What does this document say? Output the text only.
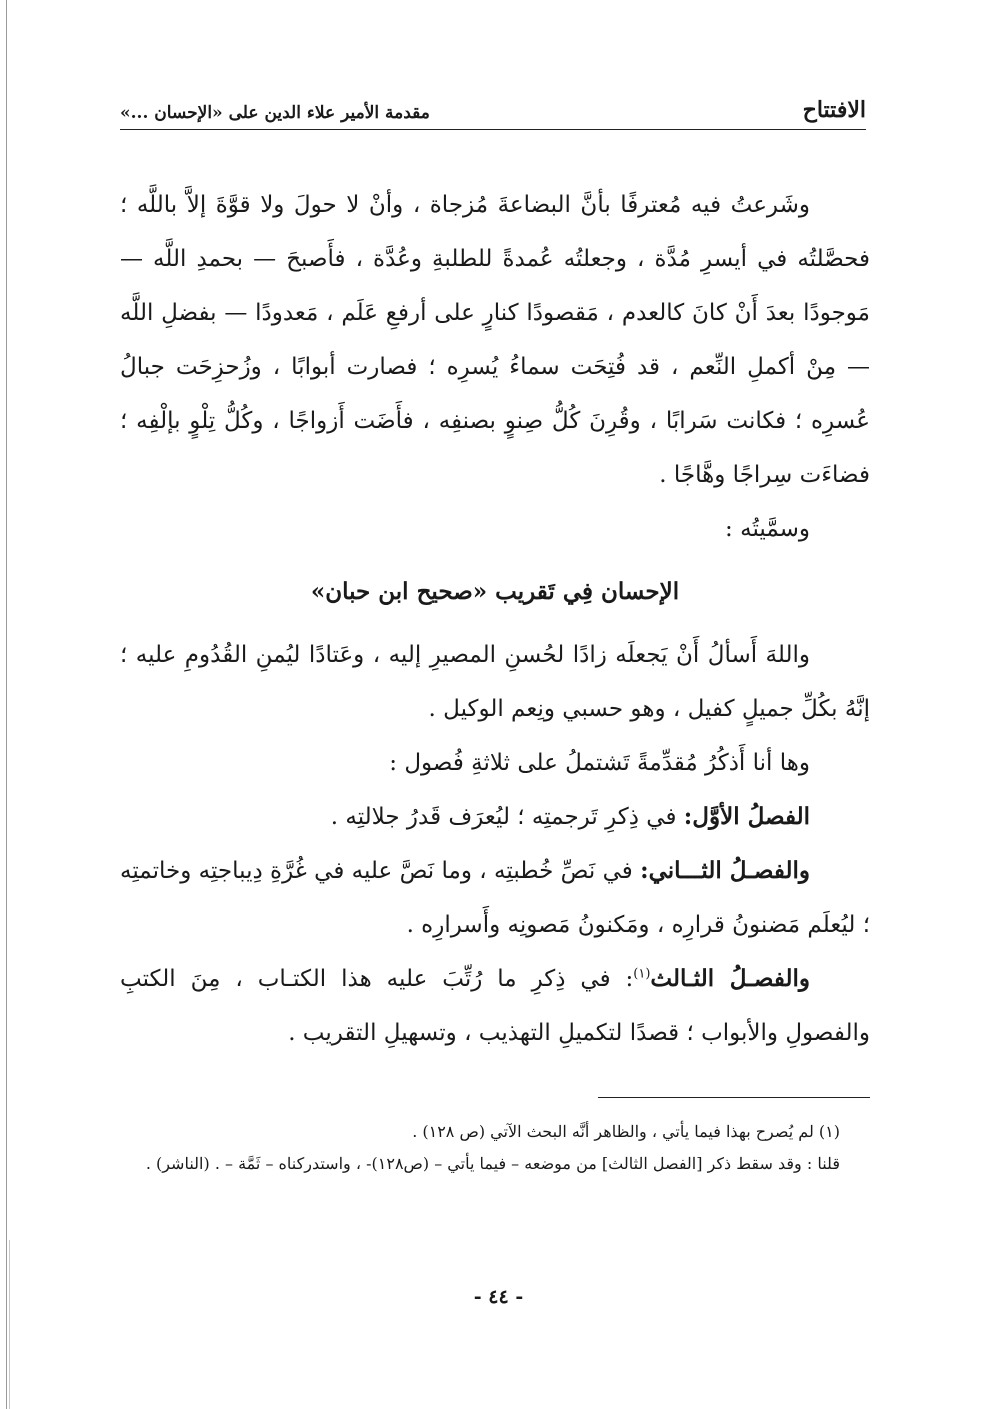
الافتتاح
مقدمة الأمير علاء الدين على «الإحسان ...»

وشَرعتُ فيه مُعترفًا بأنَّ البضاعةَ مُزجاة ، وأنْ لا حولَ ولا قوَّةَ إلاَّ باللَّه ؛ فحصَّلتُه في أيسرِ مُدَّة ، وجعلتُه عُمدةً للطلبةِ وعُدَّة ، فأَصبحَ — بحمدِ اللَّه — مَوجودًا بعدَ أَنْ كانَ كالعدم ، مَقصودًا كنارٍ على أرفعِ عَلَم ، مَعدودًا — بفضلِ اللَّه — مِنْ أكملِ النِّعم ، قد فُتِحَت سماءُ يُسرِه ؛ فصارت أبوابًا ، وزُحزِحَت جبالُ عُسرِه ؛ فكانت سَرابًا ، وقُرِنَ كُلُّ صِنوٍ بصنفِه ، فأَضَت أَزواجًا ، وكُلُّ تِلْوٍ بإلْفِه ؛ فضاءَت سِراجًا وهَّاجًا .

وسمَّيتُه :

الإحسان فِي تَقريب «صحيح ابن حبان»

واللهَ أَسألُ أَنْ يَجعلَه زادًا لحُسنِ المصيرِ إليه ، وعَتادًا ليُمنِ القُدُومِ عليه ؛ إنَّهُ بكُلِّ جميلٍ كفيل ، وهو حسبي ونِعم الوكيل .

وها أنا أَذكُرُ مُقدِّمةً تَشتملُ على ثلاثةِ فُصول :

الفصلُ الأوَّل: في ذِكرِ تَرجمتِه ؛ ليُعرَف قَدرُ جلالتِه .

والفصـلُ الثـــاني: في نَصِّ خُطبتِه ، وما نَصَّ عليه في غُرَّةِ دِيباجتِه وخاتمتِه ؛ ليُعلَم مَضنونُ قرارِه ، ومَكنونُ مَصونِه وأَسرارِه .

والفصـلُ الثـالث$^{(١)}$: في ذِكرِ ما رُتِّبَ عليه هذا الكتـاب ، مِنَ الكتبِ والفصولِ والأبواب ؛ قصدًا لتكميلِ التهذيب ، وتسهيلِ التقريب .

(١) لم يُصرح بهذا فيما يأتي ، والظاهر أنَّه البحث الآتي (ص ١٢٨) .

قلنا : وقد سقط ذكر [الفصل الثالث] من موضعه – فيما يأتي – (ص١٢٨)- ، واستدركناه – ثَمَّة – . (الناشر) .

- ٤٤ -
